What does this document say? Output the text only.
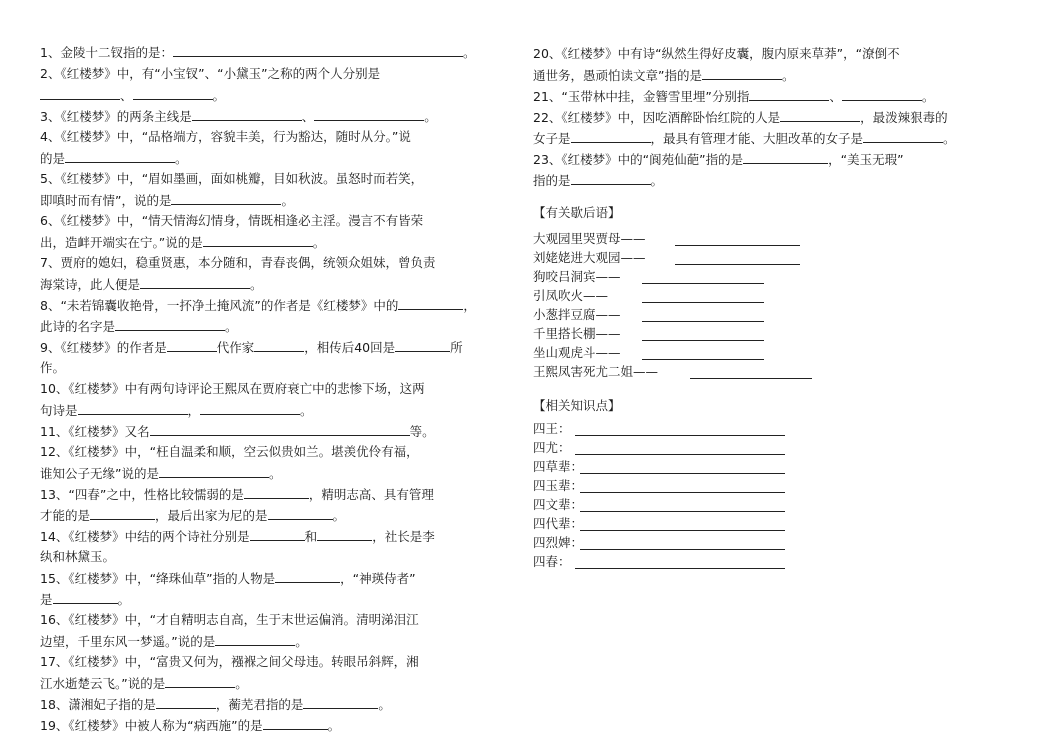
1、金陵十二钗指的是：	。
2、《红楼梦》中，有“小宝钗”、“小黛玉”之称的两个人分别是
、	。
3、《红楼梦》的两条主线是	、	。
4、《红楼梦》中，“品格端方，容貌丰美，行为豁达，随时从分。”说
的是	。
5、《红楼梦》中，“眉如墨画，面如桃瓣，目如秋波。虽怒时而若笑，
即嗔时而有情”，说的是	。
6、《红楼梦》中，“情天情海幻情身，情既相逢必主淫。漫言不有皆荣
出，造衅开端实在宁。”说的是	。
7、贾府的媳妇，稳重贤惠，本分随和，青春丧偶，统领众姐妹，曾负责
海棠诗，此人便是	。
8、“未若锦囊收艳骨，一抔净土掩风流”的作者是《红楼梦》中的	，
此诗的名字是	。
9、《红楼梦》的作者是	代作家	，相传后40回是	所
作。
10、《红楼梦》中有两句诗评论王熙凤在贾府衰亡中的悲惨下场，这两
句诗是	，	。
11、《红楼梦》又名	等。
12、《红楼梦》中，“枉自温柔和顺，空云似贵如兰。堪羡优伶有福，
谁知公子无缘”说的是	。
13、“四春”之中，性格比较懦弱的是	，精明志高、具有管理
才能的是	，最后出家为尼的是	。
14、《红楼梦》中结的两个诗社分别是	和	，社长是李
纨和林黛玉。
15、《红楼梦》中，“绛珠仙草”指的人物是	，“神瑛侍者”
是	。
16、《红楼梦》中，“才自精明志自高，生于末世运偏消。清明涕泪江
边望，千里东风一梦遥。”说的是	。
17、《红楼梦》中，“富贵又何为，襁褓之间父母违。转眼吊斜辉，湘
江水逝楚云飞。”说的是	。
18、潇湘妃子指的是	，蘅芜君指的是	。
19、《红楼梦》中被人称为“病西施”的是	。
20、《红楼梦》中有诗“纵然生得好皮囊，腹内原来草莽”，“潦倒不
通世务，愚顽怕读文章”指的是	。
21、“玉带林中挂，金簪雪里埋”分别指	、	。
22、《红楼梦》中，因吃酒醉卧怡红院的人是	，最泼辣狠毒的
女子是	，最具有管理才能、大胆改革的女子是	。
23、《红楼梦》中的“阆苑仙葩”指的是	，“美玉无瑕”
指的是	。
【有关歇后语】
大观园里哭贾母——
刘姥姥进大观园——
狗咬吕洞宾——
引凤吹火——
小葱拌豆腐——
千里搭长棚——
坐山观虎斗——
王熙凤害死尤二姐——
【相关知识点】
四王：
四尤：
四草辈：
四玉辈：
四文辈：
四代辈：
四烈婢：
四春：
